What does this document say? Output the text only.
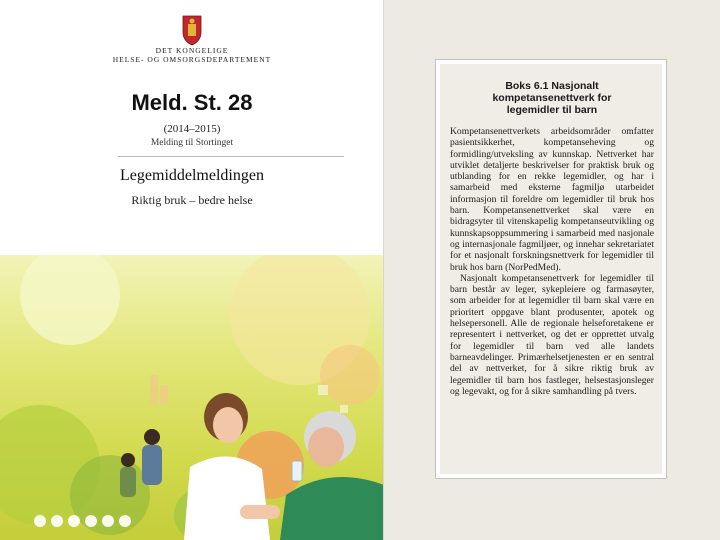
DET KONGELIGE
HELSE- OG OMSORGSDEPARTEMENT
Meld. St. 28
(2014–2015)
Melding til Stortinget
Legemiddelmeldingen
Riktig bruk – bedre helse
Boks 6.1 Nasjonalt
kompetansenettverk for
legemidler til barn

Kompetansenettverkets arbeidsområder omfatter pasientsikkerhet, kompetanseheving og formidling/utveksling av kunnskap. Nettverket har utviklet detaljerte beskrivelser for praktisk bruk og utblanding for en rekke legemidler, og har i samarbeid med eksterne fagmiljø utarbeidet informasjon til foreldre om legemidler til bruk hos barn. Kompetansenettverket skal være en bidragsyter til vitenskapelig kompetanseutvikling og kunnskapsoppsummering i samarbeid med nasjonale og internasjonale fagmiljøer, og innehar sekretariatet for et nasjonalt forskningsnettverk for legemidler til bruk hos barn (NorPedMed).

Nasjonalt kompetansenettverk for legemidler til barn består av leger, sykepleiere og farmasøyter, som arbeider for at legemidler til barn skal være en prioritert oppgave blant produsenter, apotek og helsepersonell. Alle de regionale helseforetakene er representert i nettverket, og det er opprettet utvalg for legemidler til barn ved alle landets barneavdelinger. Primærhelsetjenesten er en sentral del av nettverket, for å sikre riktig bruk av legemidler til barn hos fastleger, helsestasjonsleger og legevakt, og for å sikre samhandling på tvers.
